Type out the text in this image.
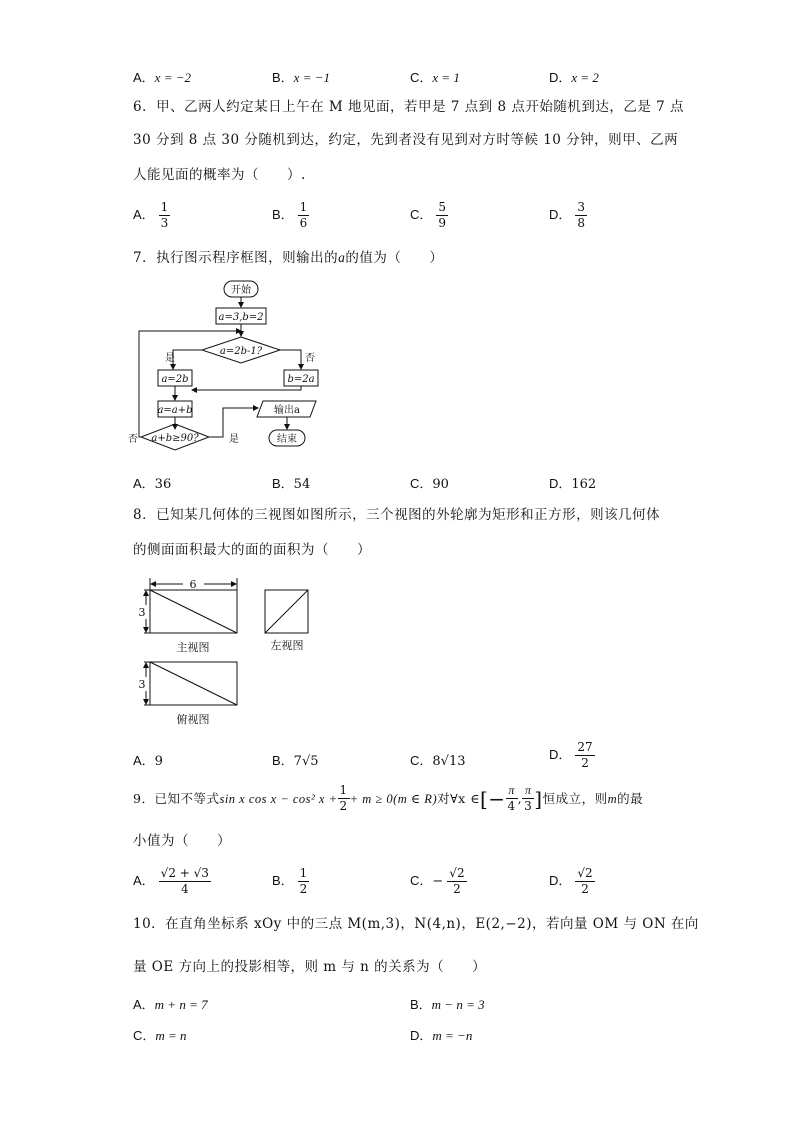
A．x = −2	B．x = −1	C．x = 1	D．x = 2
6．甲、乙两人约定某日上午在 M 地见面，若甲是 7 点到 8 点开始随机到达，乙是 7 点
30 分到 8 点 30 分随机到达，约定，先到者没有见到对方时等候 10 分钟，则甲、乙两
人能见面的概率为（　　）.
A． $\frac{1}{3}$	B． $\frac{1}{6}$	C． $\frac{5}{9}$	D． $\frac{3}{8}$
7．执行图示程序框图，则输出的a的值为（　　）
开始
a=3,b=2
a=2b-1?
是	否
a=2b	b=2a
a=a+b
a+b≥90?
输出a
结束
否	是
A．36	B．54	C．90	D．162
8．已知某几何体的三视图如图所示，三个视图的外轮廓为矩形和正方形，则该几何体
的侧面面积最大的面的面积为（　　）
6
3
3
主视图	左视图
俯视图
A．9	B．7√5	C．8√13	D． $\frac{27}{2}$
9．已知不等式 sin x cos x − cos² $x + \frac{1}{2} + m \ge 0(m$ ∈ R) 对∀x ∈ [− $\frac{\pi}{4}$ , $\frac{\pi}{3}$ ] 恒成立，则 m 的最
小值为（　　）
A． $\frac{√2 + √3}{4}$	B． $\frac{1}{2}$	C．− $\frac{√2}{2}$	D． $\frac{√2}{2}$
10．在直角坐标系 xOy 中的三点 M(m,3)，N(4,n)，E(2,−2)，若向量 OM 与 ON 在向
量 OE 方向上的投影相等，则 m 与 n 的关系为（　　）
A．m + n = 7	B．m − n = 3
C．m = n	D．m = −n
